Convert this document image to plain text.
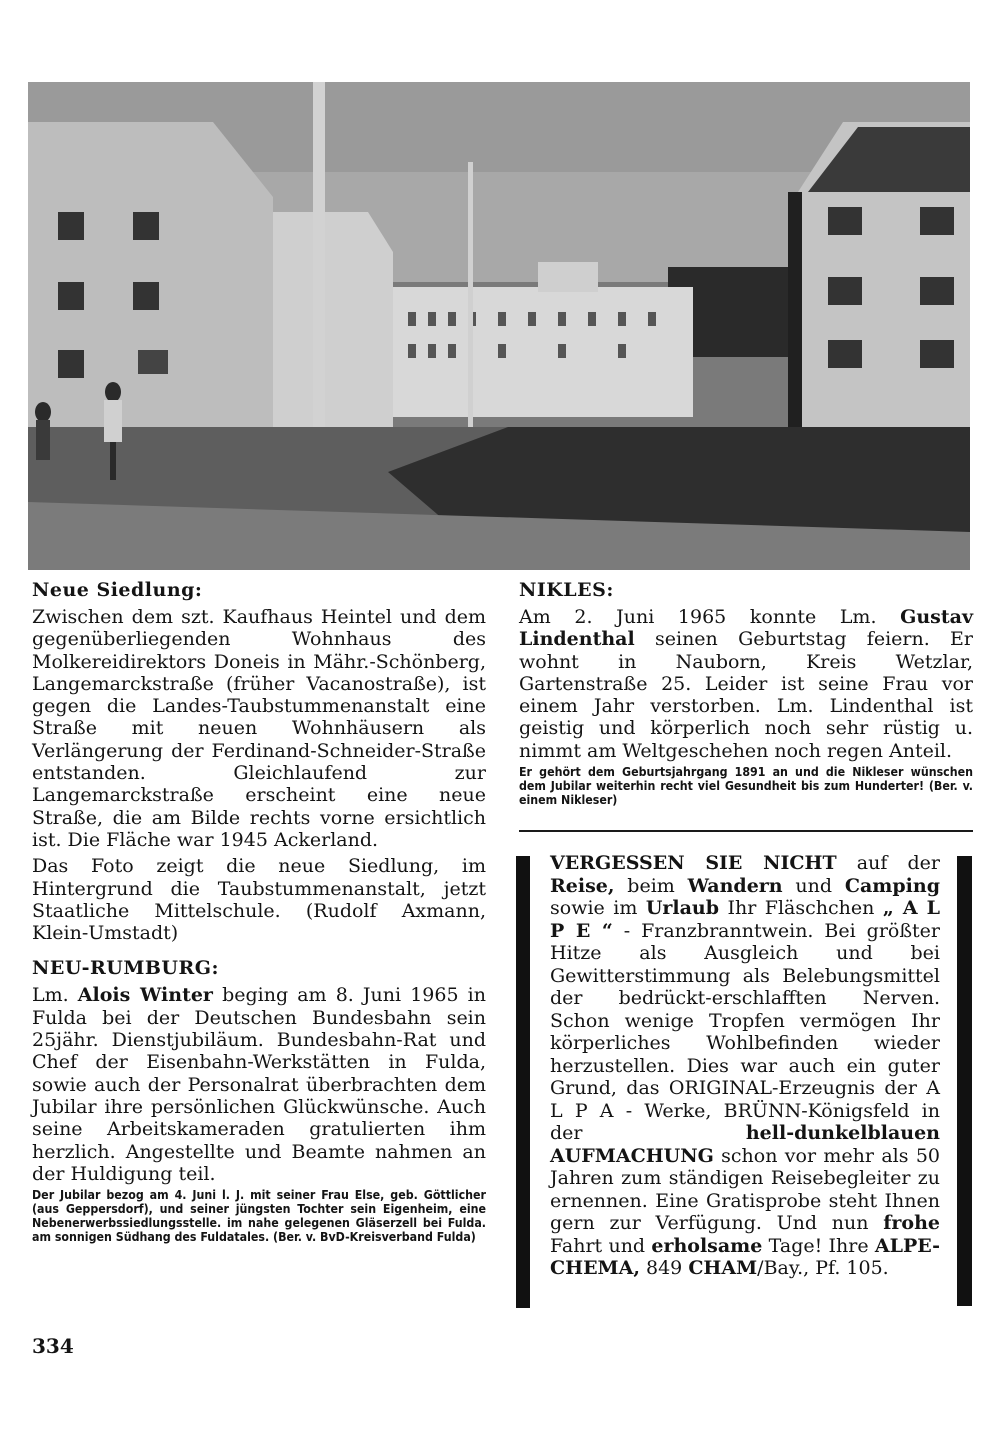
Neue Siedlung:

Zwischen dem szt. Kaufhaus Heintel und dem gegenüberliegenden Wohnhaus des Molkereidirektors Doneis in Mähr.-Schönberg, Langemarckstraße (früher Vacanostraße), ist gegen die Landes-Taubstummenanstalt eine Straße mit neuen Wohnhäusern als Verlängerung der Ferdinand-Schneider-Straße entstanden. Gleichlaufend zur Langemarckstraße erscheint eine neue Straße, die am Bilde rechts vorne ersichtlich ist. Die Fläche war 1945 Ackerland.

Das Foto zeigt die neue Siedlung, im Hintergrund die Taubstummenanstalt, jetzt Staatliche Mittelschule. (Rudolf Axmann, Klein-Umstadt)

NEU-RUMBURG:

Lm. Alois Winter beging am 8. Juni 1965 in Fulda bei der Deutschen Bundesbahn sein 25jähr. Dienstjubiläum. Bundesbahn-Rat und Chef der Eisenbahn-Werkstätten in Fulda, sowie auch der Personalrat überbrachten dem Jubilar ihre persönlichen Glückwünsche. Auch seine Arbeitskameraden gratulierten ihm herzlich. Angestellte und Beamte nahmen an der Huldigung teil.

Der Jubilar bezog am 4. Juni l. J. mit seiner Frau Else, geb. Göttlicher (aus Geppersdorf), und seiner jüngsten Tochter sein Eigenheim, eine Nebenerwerbssiedlungsstelle. im nahe gelegenen Gläserzell bei Fulda. am sonnigen Südhang des Fuldatales. (Ber. v. BvD-Kreisverband Fulda)

NIKLES:

Am 2. Juni 1965 konnte Lm. Gustav Lindenthal seinen Geburtstag feiern. Er wohnt in Nauborn, Kreis Wetzlar, Gartenstraße 25. Leider ist seine Frau vor einem Jahr verstorben. Lm. Lindenthal ist geistig und körperlich noch sehr rüstig u. nimmt am Weltgeschehen noch regen Anteil.

Er gehört dem Geburtsjahrgang 1891 an und die Nikleser wünschen dem Jubilar weiterhin recht viel Gesundheit bis zum Hunderter! (Ber. v. einem Nikleser)

VERGESSEN SIE NICHT auf der Reise, beim Wandern und Camping sowie im Urlaub Ihr Fläschchen „ A L P E “ - Franzbranntwein. Bei größter Hitze als Ausgleich und bei Gewitterstimmung als Belebungsmittel der bedrückt-erschlafften Nerven. Schon wenige Tropfen vermögen Ihr körperliches Wohlbefinden wieder herzustellen. Dies war auch ein guter Grund, das ORIGINAL-Erzeugnis der A L P A - Werke, BRÜNN-Königsfeld in der hell-dunkelblauen AUFMACHUNG schon vor mehr als 50 Jahren zum ständigen Reisebegleiter zu ernennen. Eine Gratisprobe steht Ihnen gern zur Verfügung. Und nun frohe Fahrt und erholsame Tage! Ihre ALPE-CHEMA, 849 CHAM/Bay., Pf. 105.

334
